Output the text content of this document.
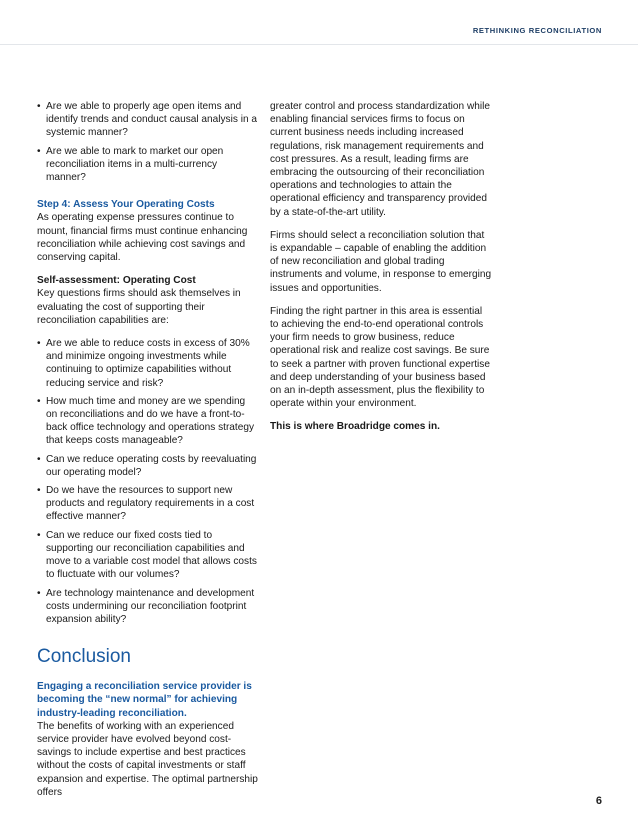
RETHINKING RECONCILIATION
• Are we able to properly age open items and identify trends and conduct causal analysis in a systemic manner?
• Are we able to mark to market our open reconciliation items in a multi-currency manner?
Step 4: Assess Your Operating Costs

As operating expense pressures continue to mount, financial firms must continue enhancing reconciliation while achieving cost savings and conserving capital.

Self-assessment: Operating Cost

Key questions firms should ask themselves in evaluating the cost of supporting their reconciliation capabilities are:

• Are we able to reduce costs in excess of 30% and minimize ongoing investments while continuing to optimize capabilities without reducing service and risk?
• How much time and money are we spending on reconciliations and do we have a front-to-back office technology and operations strategy that keeps costs manageable?
• Can we reduce operating costs by reevaluating our operating model?
• Do we have the resources to support new products and regulatory requirements in a cost effective manner?
• Can we reduce our fixed costs tied to supporting our reconciliation capabilities and move to a variable cost model that allows costs to fluctuate with our volumes?
• Are technology maintenance and development costs undermining our reconciliation footprint expansion ability?
Conclusion
Engaging a reconciliation service provider is becoming the “new normal” for achieving industry-leading reconciliation.

The benefits of working with an experienced service provider have evolved beyond cost-savings to include expertise and best practices without the costs of capital investments or staff expansion and expertise. The optimal partnership offers

greater control and process standardization while enabling financial services firms to focus on current business needs including increased regulations, risk management requirements and cost pressures. As a result, leading firms are embracing the outsourcing of their reconciliation operations and technologies to attain the operational efficiency and transparency provided by a state-of-the-art utility.

Firms should select a reconciliation solution that is expandable – capable of enabling the addition of new reconciliation and global trading instruments and volume, in response to emerging issues and opportunities.

Finding the right partner in this area is essential to achieving the end-to-end operational controls your firm needs to grow business, reduce operational risk and realize cost savings. Be sure to seek a partner with proven functional expertise and deep understanding of your business based on an in-depth assessment, plus the flexibility to operate within your environment.

This is where Broadridge comes in.

6
